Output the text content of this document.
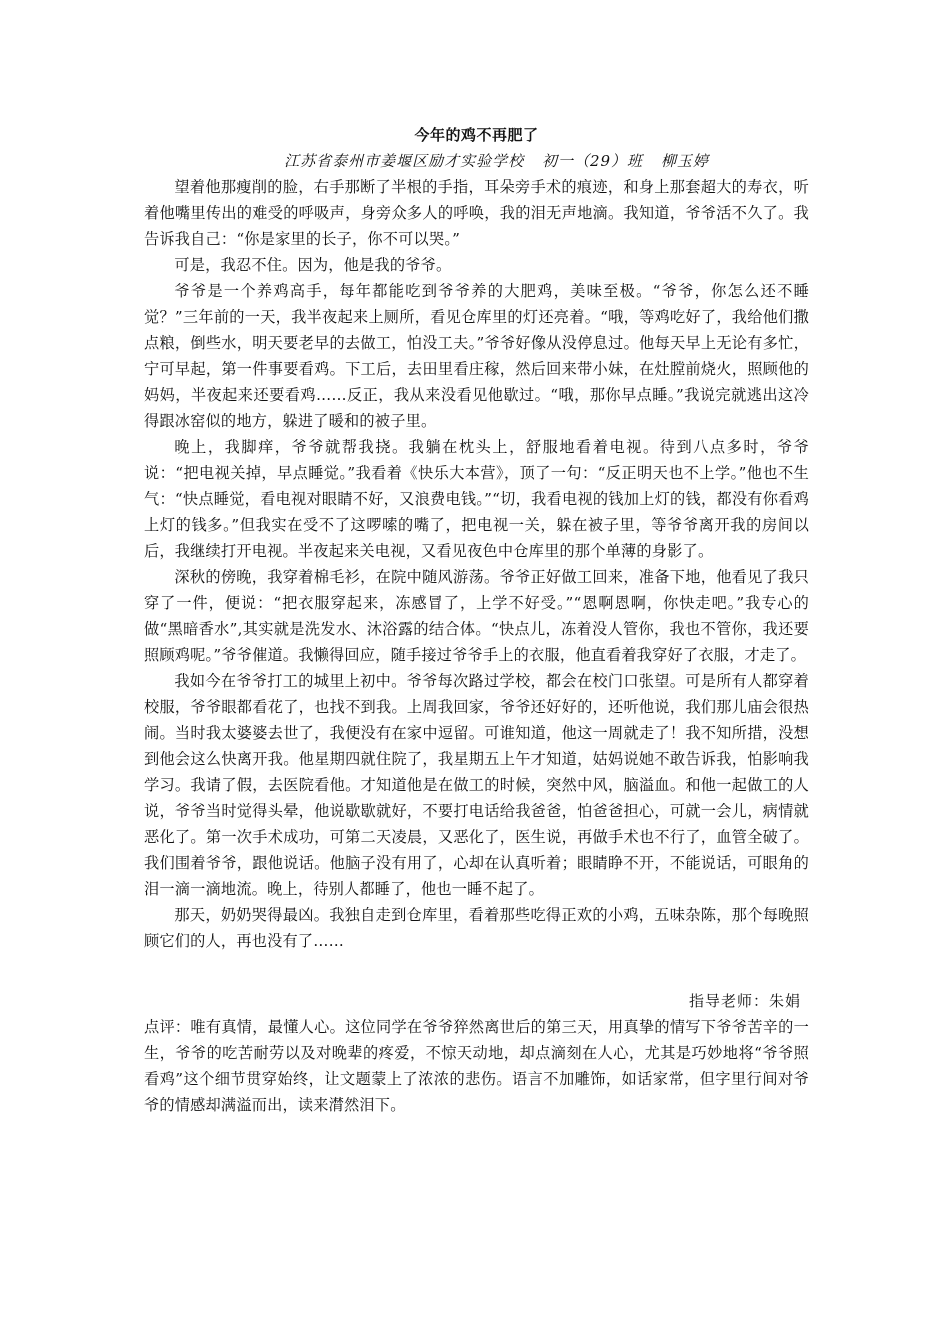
今年的鸡不再肥了
江苏省泰州市姜堰区励才实验学校 初一（29）班 柳玉婷

望着他那瘦削的脸，右手那断了半根的手指，耳朵旁手术的痕迹，和身上那套超大的寿衣，听着他嘴里传出的难受的呼吸声，身旁众多人的呼唤，我的泪无声地滴。我知道，爷爷活不久了。我告诉我自己：“你是家里的长子，你不可以哭。”

可是，我忍不住。因为，他是我的爷爷。

爷爷是一个养鸡高手，每年都能吃到爷爷养的大肥鸡，美味至极。“爷爷，你怎么还不睡觉？”三年前的一天，我半夜起来上厕所，看见仓库里的灯还亮着。“哦，等鸡吃好了，我给他们撒点粮，倒些水，明天要老早的去做工，怕没工夫。”爷爷好像从没停息过。他每天早上无论有多忙，宁可早起，第一件事要看鸡。下工后，去田里看庄稼，然后回来带小妹，在灶膛前烧火，照顾他的妈妈，半夜起来还要看鸡……反正，我从来没看见他歇过。“哦，那你早点睡。”我说完就逃出这冷得跟冰窑似的地方，躲进了暖和的被子里。

晚上，我脚痒，爷爷就帮我挠。我躺在枕头上，舒服地看着电视。待到八点多时，爷爷说：“把电视关掉，早点睡觉。”我看着《快乐大本营》，顶了一句：“反正明天也不上学。”他也不生气：“快点睡觉，看电视对眼睛不好，又浪费电钱。”“切，我看电视的钱加上灯的钱，都没有你看鸡上灯的钱多。”但我实在受不了这啰嗦的嘴了，把电视一关，躲在被子里，等爷爷离开我的房间以后，我继续打开电视。半夜起来关电视，又看见夜色中仓库里的那个单薄的身影了。

深秋的傍晚，我穿着棉毛衫，在院中随风游荡。爷爷正好做工回来，准备下地，他看见了我只穿了一件，便说：“把衣服穿起来，冻感冒了，上学不好受。”“恩啊恩啊，你快走吧。”我专心的做“黑暗香水”,其实就是洗发水、沐浴露的结合体。“快点儿，冻着没人管你，我也不管你，我还要照顾鸡呢。”爷爷催道。我懒得回应，随手接过爷爷手上的衣服，他直看着我穿好了衣服，才走了。

我如今在爷爷打工的城里上初中。爷爷每次路过学校，都会在校门口张望。可是所有人都穿着校服，爷爷眼都看花了，也找不到我。上周我回家，爷爷还好好的，还听他说，我们那儿庙会很热闹。当时我太婆婆去世了，我便没有在家中逗留。可谁知道，他这一周就走了！我不知所措，没想到他会这么快离开我。他星期四就住院了，我星期五上午才知道，姑妈说她不敢告诉我，怕影响我学习。我请了假，去医院看他。才知道他是在做工的时候，突然中风，脑溢血。和他一起做工的人说，爷爷当时觉得头晕，他说歇歇就好，不要打电话给我爸爸，怕爸爸担心，可就一会儿，病情就恶化了。第一次手术成功，可第二天凌晨，又恶化了，医生说，再做手术也不行了，血管全破了。我们围着爷爷，跟他说话。他脑子没有用了，心却在认真听着；眼睛睁不开，不能说话，可眼角的泪一滴一滴地流。晚上，待别人都睡了，他也一睡不起了。

那天，奶奶哭得最凶。我独自走到仓库里，看着那些吃得正欢的小鸡，五味杂陈，那个每晚照顾它们的人，再也没有了……

指导老师：朱娟

点评：唯有真情，最懂人心。这位同学在爷爷猝然离世后的第三天，用真挚的情写下爷爷苦辛的一生，爷爷的吃苦耐劳以及对晚辈的疼爱，不惊天动地，却点滴刻在人心，尤其是巧妙地将“爷爷照看鸡”这个细节贯穿始终，让文题蒙上了浓浓的悲伤。语言不加雕饰，如话家常，但字里行间对爷爷的情感却满溢而出，读来潸然泪下。
